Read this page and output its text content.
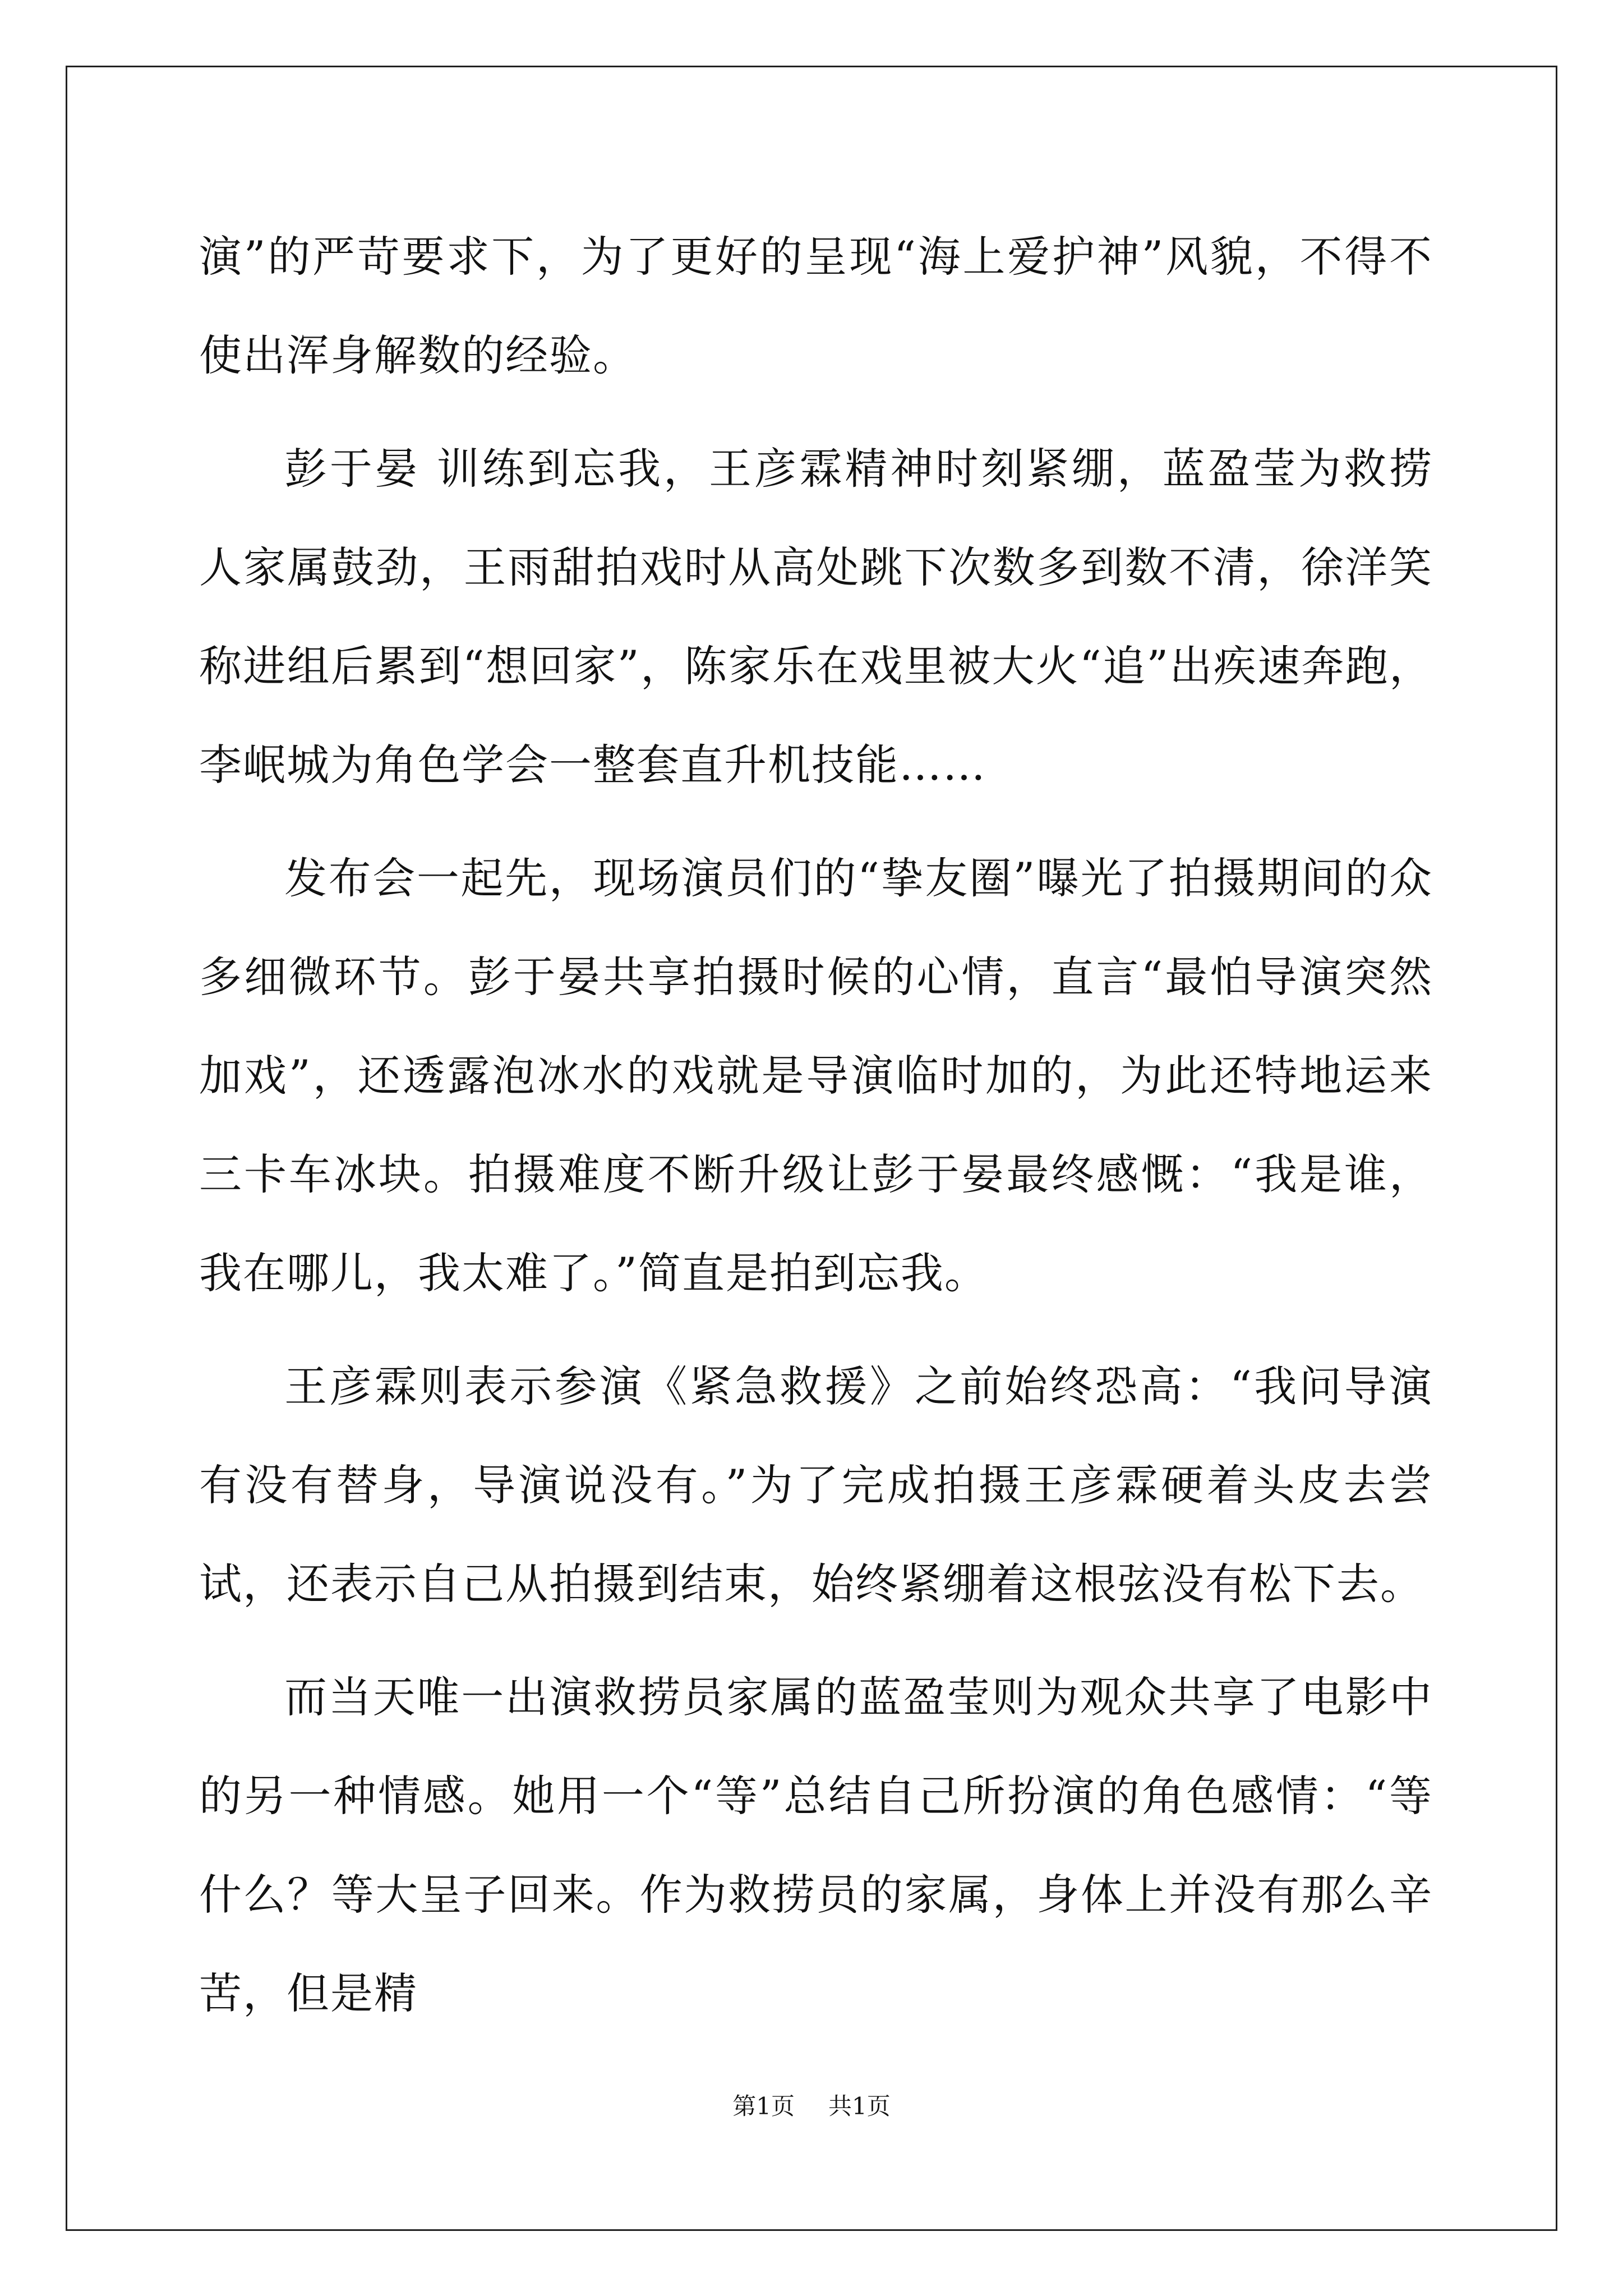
演”的严苛要求下，为了更好的呈现“海上爱护神”风貌，不得不使出浑身解数的经验。

彭于晏 训练到忘我，王彦霖精神时刻紧绷，蓝盈莹为救捞人家属鼓劲，王雨甜拍戏时从高处跳下次数多到数不清，徐洋笑称进组后累到“想回家”，陈家乐在戏里被大火“追”出疾速奔跑，李岷城为角色学会一整套直升机技能……

发布会一起先，现场演员们的“挚友圈”曝光了拍摄期间的众多细微环节。彭于晏共享拍摄时候的心情，直言“最怕导演突然加戏”，还透露泡冰水的戏就是导演临时加的，为此还特地运来三卡车冰块。拍摄难度不断升级让彭于晏最终感慨：“我是谁，我在哪儿，我太难了。”简直是拍到忘我。

王彦霖则表示参演《紧急救援》之前始终恐高：“我问导演有没有替身，导演说没有。”为了完成拍摄王彦霖硬着头皮去尝试，还表示自己从拍摄到结束，始终紧绷着这根弦没有松下去。

而当天唯一出演救捞员家属的蓝盈莹则为观众共享了电影中的另一种情感。她用一个“等”总结自己所扮演的角色感情：“等什么？等大呈子回来。作为救捞员的家属，身体上并没有那么辛苦，但是精

第1页 共1页
